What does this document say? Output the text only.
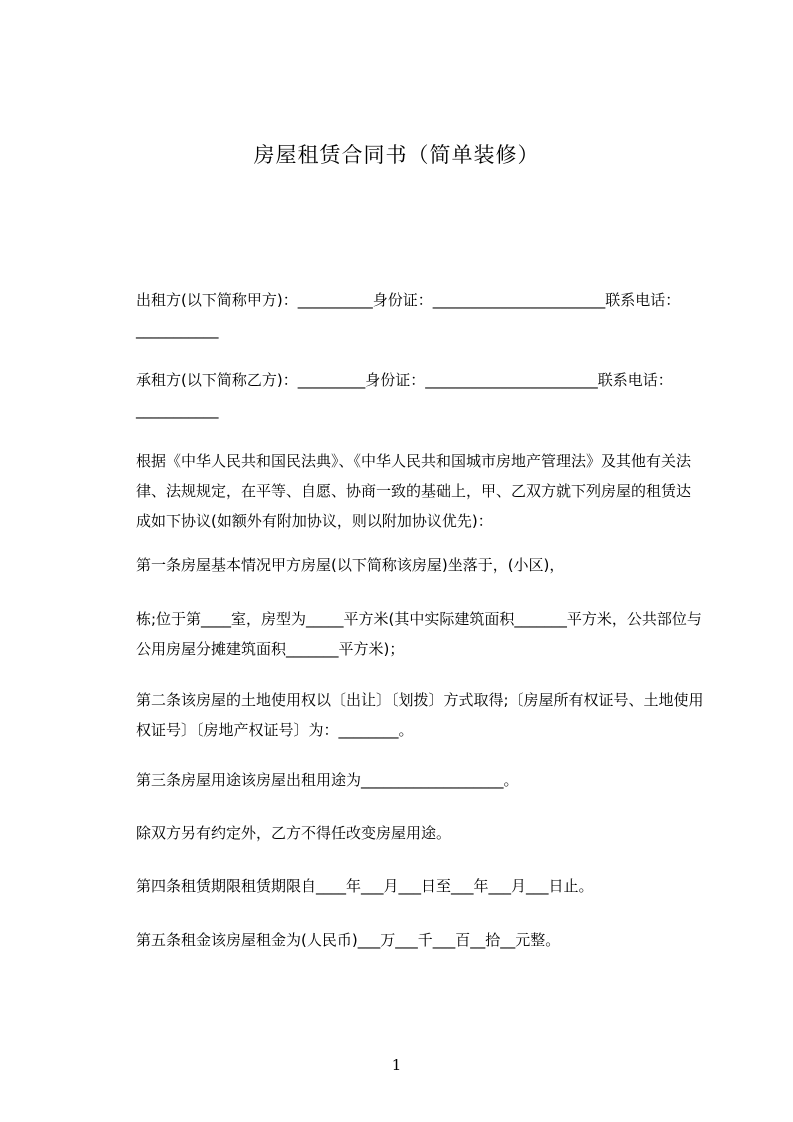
房屋租赁合同书（简单装修）

出租方(以下简称甲方)：__________身份证：_______________________联系电话：___________

承租方(以下简称乙方)：_________身份证：_______________________联系电话：___________

根据《中华人民共和国民法典》、《中华人民共和国城市房地产管理法》及其他有关法律、法规规定，在平等、自愿、协商一致的基础上，甲、乙双方就下列房屋的租赁达成如下协议(如额外有附加协议，则以附加协议优先)：

第一条房屋基本情况甲方房屋(以下简称该房屋)坐落于，(小区)，

栋;位于第____室，房型为_____平方米(其中实际建筑面积_______平方米，公共部位与公用房屋分摊建筑面积_______平方米)；

第二条该房屋的土地使用权以〔出让〕〔划拨〕方式取得;〔房屋所有权证号、土地使用权证号〕〔房地产权证号〕为：________。

第三条房屋用途该房屋出租用途为___________________。

除双方另有约定外，乙方不得任改变房屋用途。

第四条租赁期限租赁期限自____年___月___日至___年___月___日止。

第五条租金该房屋租金为(人民币)___万___千___百__拾__元整。

1
